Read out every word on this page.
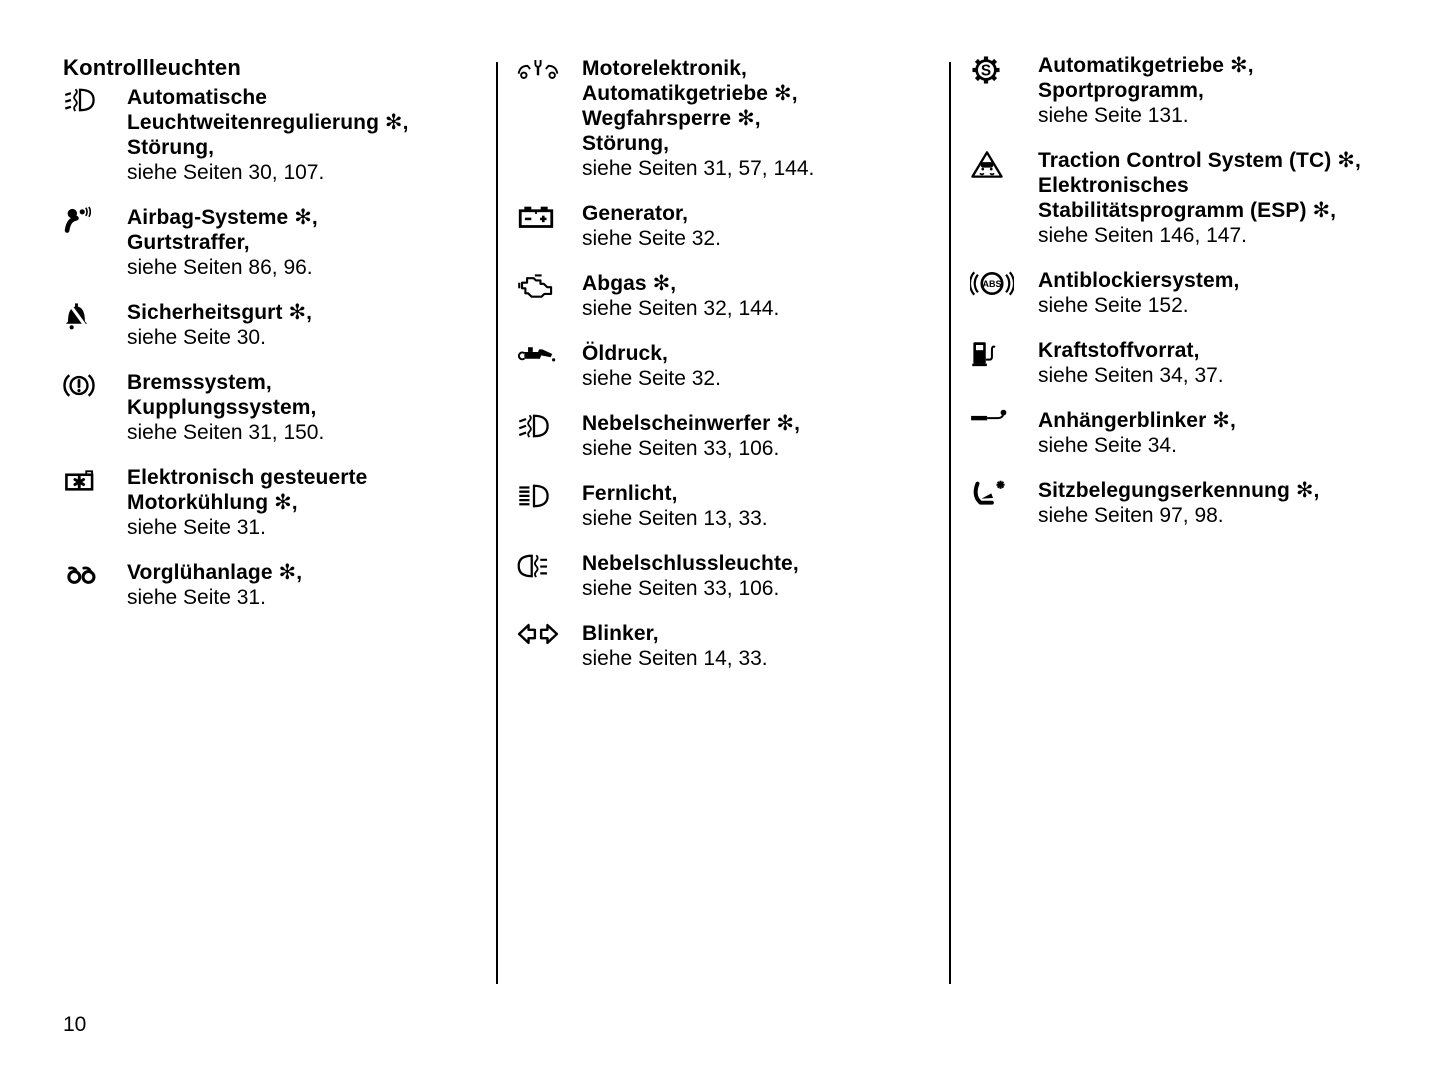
Kontrollleuchten
Automatische
Leuchtweitenregulierung ✻,
Störung,
siehe Seiten 30, 107.
Airbag-Systeme ✻,
Gurtstraffer,
siehe Seiten 86, 96.
Sicherheitsgurt ✻,
siehe Seite 30.
Bremssystem,
Kupplungssystem,
siehe Seiten 31, 150.
Elektronisch gesteuerte
Motorkühlung ✻,
siehe Seite 31.
Vorglühanlage ✻,
siehe Seite 31.
Motorelektronik,
Automatikgetriebe ✻,
Wegfahrsperre ✻,
Störung,
siehe Seiten 31, 57, 144.
Generator,
siehe Seite 32.
Abgas ✻,
siehe Seiten 32, 144.
Öldruck,
siehe Seite 32.
Nebelscheinwerfer ✻,
siehe Seiten 33, 106.
Fernlicht,
siehe Seiten 13, 33.
Nebelschlussleuchte,
siehe Seiten 33, 106.
Blinker,
siehe Seiten 14, 33.
S Automatikgetriebe ✻,
Sportprogramm,
siehe Seite 131.
Traction Control System (TC) ✻,
Elektronisches
Stabilitätsprogramm (ESP) ✻,
siehe Seiten 146, 147.
ABS Antiblockiersystem,
siehe Seite 152.
Kraftstoffvorrat,
siehe Seiten 34, 37.
Anhängerblinker ✻,
siehe Seite 34.
Sitzbelegungserkennung ✻,
siehe Seiten 97, 98.
10
